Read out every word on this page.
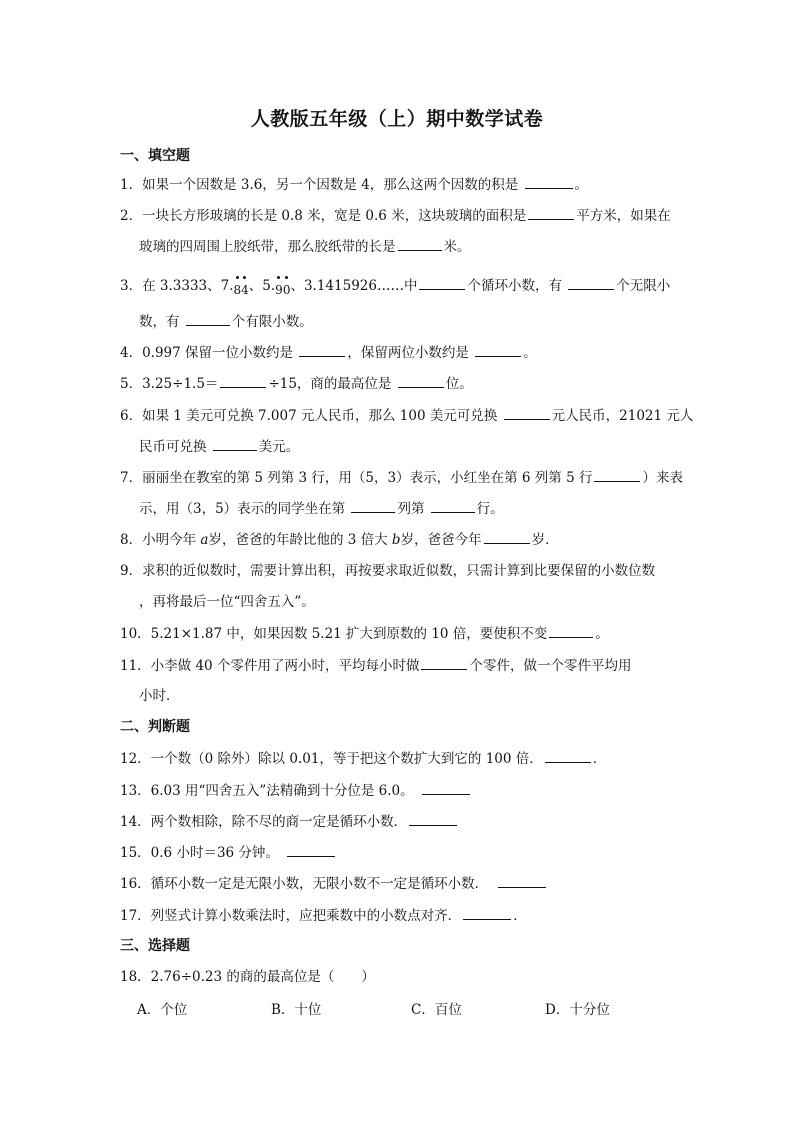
人教版五年级（上）期中数学试卷
一、填空题
1．如果一个因数是 3.6，另一个因数是 4，那么这两个因数的积是	。
2．一块长方形玻璃的长是 0.8 米，宽是 0.6 米，这块玻璃的面积是	平方米，如果在
玻璃的四周围上胶纸带，那么胶纸带的长是	米。
3．在 3.3333、7.84、5.90、3.1415926……中	个循环小数，有	个无限小
数，有	个有限小数。
4．0.997 保留一位小数约是	，保留两位小数约是	。
5．3.25÷1.5＝	÷15，商的最高位是	位。
6．如果 1 美元可兑换 7.007 元人民币，那么 100 美元可兑换	元人民币，21021 元人
民币可兑换	美元。
7．丽丽坐在教室的第 5 列第 3 行，用（5，3）表示，小红坐在第 6 列第 5 行	）来表
示，用（3，5）表示的同学坐在第	列第	行。
8．小明今年 a岁，爸爸的年龄比他的 3 倍大 b岁，爸爸今年	岁．
9．求积的近似数时，需要计算出积，再按要求取近似数，只需计算到比要保留的小数位数
，再将最后一位“四舍五入”。
10．5.21×1.87 中，如果因数 5.21 扩大到原数的 10 倍，要使积不变	。
11．小李做 40 个零件用了两小时，平均每小时做	个零件，做一个零件平均用
小时．
二、判断题
12．一个数（0 除外）除以 0.01，等于把这个数扩大到它的 100 倍．	．
13．6.03 用“四舍五入”法精确到十分位是 6.0。
14．两个数相除，除不尽的商一定是循环小数．
15．0.6 小时＝36 分钟。
16．循环小数一定是无限小数，无限小数不一定是循环小数．
17．列竖式计算小数乘法时，应把乘数中的小数点对齐．	．
三、选择题
18．2.76÷0.23 的商的最高位是（　　）
A．个位	B．十位	C．百位	D．十分位
